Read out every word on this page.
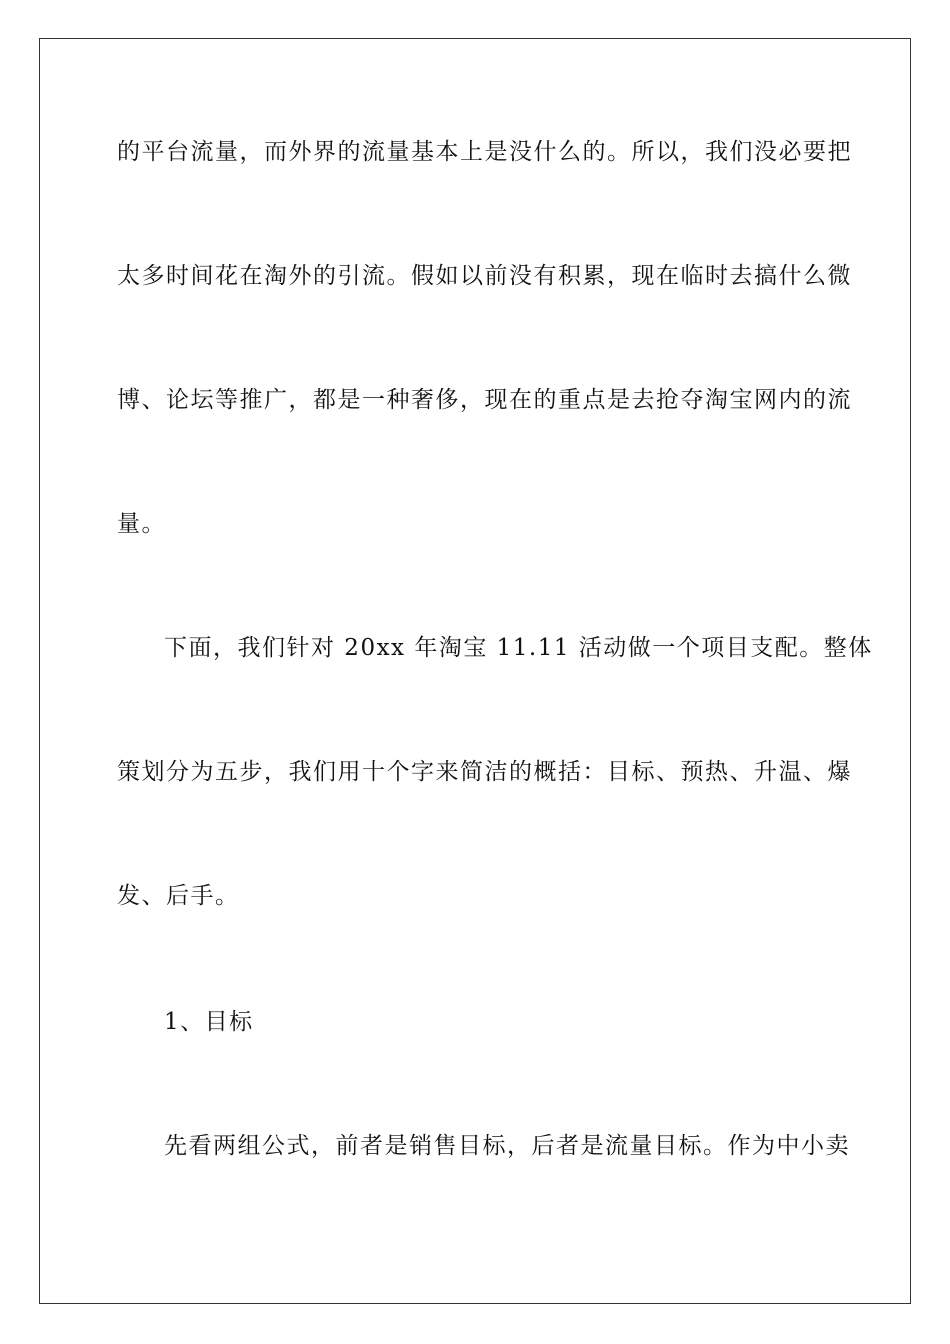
的平台流量，而外界的流量基本上是没什么的。所以，我们没必要把

太多时间花在淘外的引流。假如以前没有积累，现在临时去搞什么微

博、论坛等推广，都是一种奢侈，现在的重点是去抢夺淘宝网内的流

量。

下面，我们针对 20xx 年淘宝 11.11 活动做一个项目支配。整体

策划分为五步，我们用十个字来简洁的概括：目标、预热、升温、爆

发、后手。

1、目标

先看两组公式，前者是销售目标，后者是流量目标。作为中小卖
